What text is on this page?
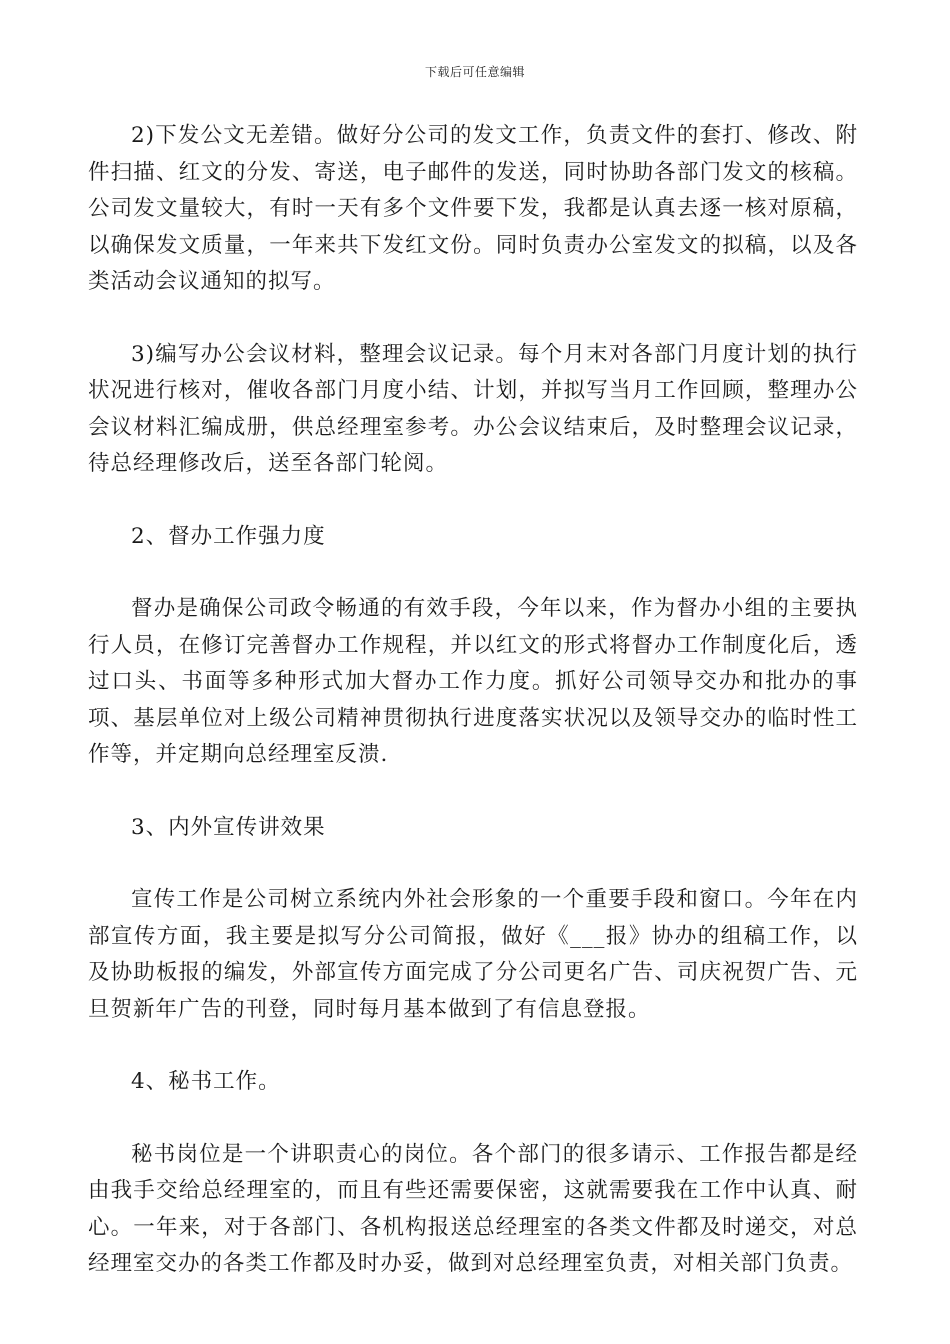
下载后可任意编辑

2)下发公文无差错。做好分公司的发文工作，负责文件的套打、修改、附件扫描、红文的分发、寄送，电子邮件的发送，同时协助各部门发文的核稿。公司发文量较大，有时一天有多个文件要下发，我都是认真去逐一核对原稿，以确保发文质量，一年来共下发红文份。同时负责办公室发文的拟稿，以及各类活动会议通知的拟写。

3)编写办公会议材料，整理会议记录。每个月末对各部门月度计划的执行状况进行核对，催收各部门月度小结、计划，并拟写当月工作回顾，整理办公会议材料汇编成册，供总经理室参考。办公会议结束后，及时整理会议记录，待总经理修改后，送至各部门轮阅。

2、督办工作强力度

督办是确保公司政令畅通的有效手段，今年以来，作为督办小组的主要执行人员，在修订完善督办工作规程，并以红文的形式将督办工作制度化后，透过口头、书面等多种形式加大督办工作力度。抓好公司领导交办和批办的事项、基层单位对上级公司精神贯彻执行进度落实状况以及领导交办的临时性工作等，并定期向总经理室反溃.

3、内外宣传讲效果

宣传工作是公司树立系统内外社会形象的一个重要手段和窗口。今年在内部宣传方面，我主要是拟写分公司简报，做好《___报》协办的组稿工作，以及协助板报的编发，外部宣传方面完成了分公司更名广告、司庆祝贺广告、元旦贺新年广告的刊登，同时每月基本做到了有信息登报。

4、秘书工作。

秘书岗位是一个讲职责心的岗位。各个部门的很多请示、工作报告都是经由我手交给总经理室的，而且有些还需要保密，这就需要我在工作中认真、耐心。一年来，对于各部门、各机构报送总经理室的各类文件都及时递交，对总经理室交办的各类工作都及时办妥，做到对总经理室负责，对相关部门负责。
